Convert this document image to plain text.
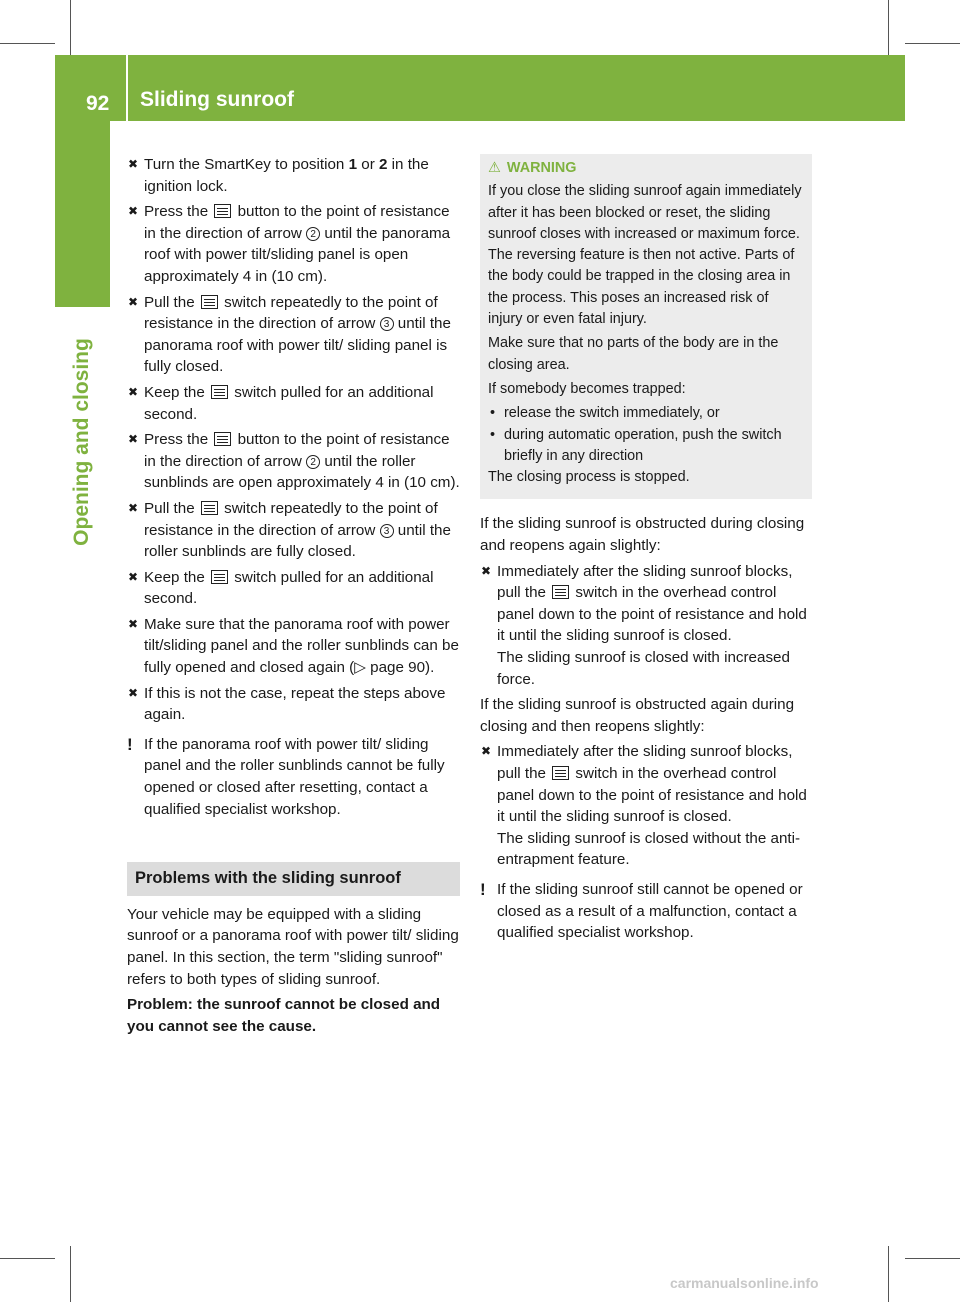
92 Sliding sunroof
Opening and closing
✖ Turn the SmartKey to position 1 or 2 in the ignition lock.
✖ Press the
button to the point of resistance in the direction of arrow 2 until the panorama roof with power tilt/sliding panel is open approximately 4 in (10 cm).
✖ Pull the
switch repeatedly to the point of resistance in the direction of arrow 3 until the panorama roof with power tilt/ sliding panel is fully closed.
✖ Keep the
switch pulled for an additional second.
✖ Press the
button to the point of resistance in the direction of arrow 2 until the roller sunblinds are open approximately 4 in (10 cm).
✖ Pull the
switch repeatedly to the point of resistance in the direction of arrow 3 until the roller sunblinds are fully closed.
✖ Keep the
switch pulled for an additional second.
✖ Make sure that the panorama roof with power tilt/sliding panel and the roller sunblinds can be fully opened and closed again (▷ page 90).
✖ If this is not the case, repeat the steps above again.
! If the panorama roof with power tilt/ sliding panel and the roller sunblinds cannot be fully opened or closed after resetting, contact a qualified specialist workshop.
Problems with the sliding sunroof
Your vehicle may be equipped with a sliding sunroof or a panorama roof with power tilt/ sliding panel. In this section, the term "sliding sunroof" refers to both types of sliding sunroof.
Problem: the sunroof cannot be closed and you cannot see the cause.
⚠ WARNING

If you close the sliding sunroof again immediately after it has been blocked or reset, the sliding sunroof closes with increased or maximum force. The reversing feature is then not active. Parts of the body could be trapped in the closing area in the process. This poses an increased risk of injury or even fatal injury.

Make sure that no parts of the body are in the closing area.

If somebody becomes trapped:

• release the switch immediately, or
• during automatic operation, push the switch briefly in any direction

The closing process is stopped.

If the sliding sunroof is obstructed during closing and reopens again slightly:
✖ Immediately after the sliding sunroof blocks, pull the
switch in the overhead control panel down to the point of resistance and hold it until the sliding sunroof is closed.
The sliding sunroof is closed with increased force.
If the sliding sunroof is obstructed again during closing and then reopens slightly:
✖ Immediately after the sliding sunroof blocks, pull the
switch in the overhead control panel down to the point of resistance and hold it until the sliding sunroof is closed.
The sliding sunroof is closed without the anti-entrapment feature.
! If the sliding sunroof still cannot be opened or closed as a result of a malfunction, contact a qualified specialist workshop.
carmanualsonline.info
